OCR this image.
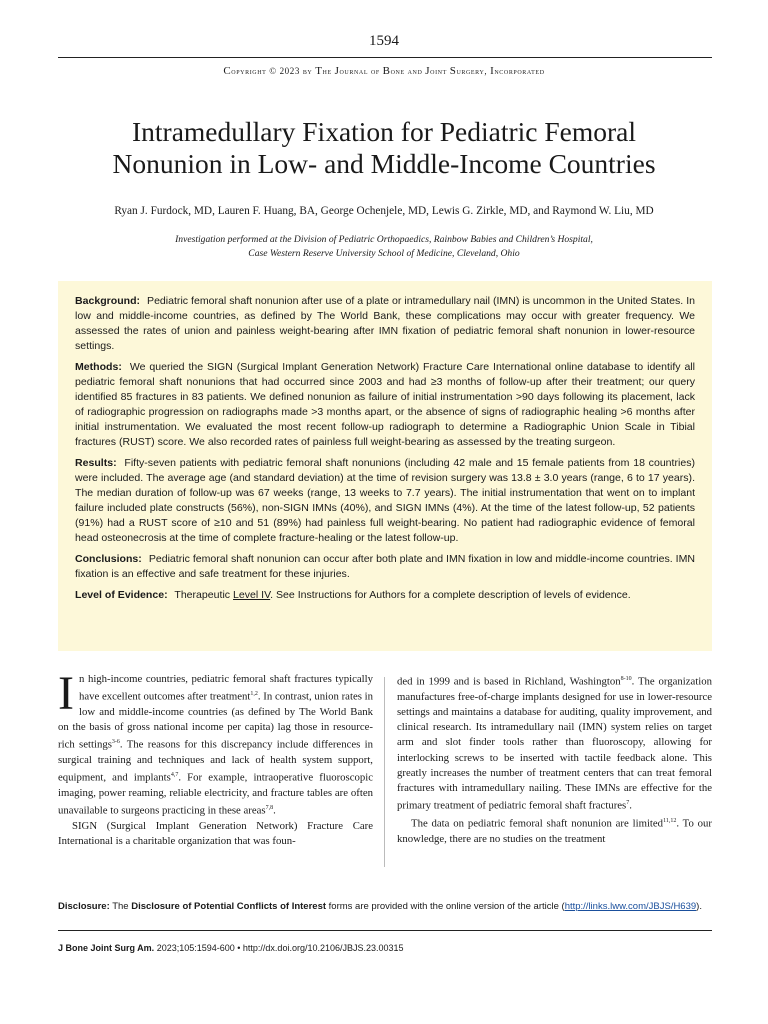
1594
Copyright © 2023 by The Journal of Bone and Joint Surgery, Incorporated
Intramedullary Fixation for Pediatric Femoral
Nonunion in Low- and Middle-Income Countries
Ryan J. Furdock, MD, Lauren F. Huang, BA, George Ochenjele, MD, Lewis G. Zirkle, MD, and Raymond W. Liu, MD
Investigation performed at the Division of Pediatric Orthopaedics, Rainbow Babies and Children’s Hospital,
Case Western Reserve University School of Medicine, Cleveland, Ohio

Background: Pediatric femoral shaft nonunion after use of a plate or intramedullary nail (IMN) is uncommon in the United States. In low and middle-income countries, as defined by The World Bank, these complications may occur with greater frequency. We assessed the rates of union and painless weight-bearing after IMN fixation of pediatric femoral shaft nonunion in lower-resource settings.

Methods: We queried the SIGN (Surgical Implant Generation Network) Fracture Care International online database to identify all pediatric femoral shaft nonunions that had occurred since 2003 and had ≥3 months of follow-up after their treatment; our query identified 85 fractures in 83 patients. We defined nonunion as failure of initial instrumentation >90 days following its placement, lack of radiographic progression on radiographs made >3 months apart, or the absence of signs of radiographic healing >6 months after initial instrumentation. We evaluated the most recent follow-up radiograph to determine a Radiographic Union Scale in Tibial fractures (RUST) score. We also recorded rates of painless full weight-bearing as assessed by the treating surgeon.

Results: Fifty-seven patients with pediatric femoral shaft nonunions (including 42 male and 15 female patients from 18 countries) were included. The average age (and standard deviation) at the time of revision surgery was 13.8 ± 3.0 years (range, 6 to 17 years). The median duration of follow-up was 67 weeks (range, 13 weeks to 7.7 years). The initial instrumentation that went on to implant failure included plate constructs (56%), non-SIGN IMNs (40%), and SIGN IMNs (4%). At the time of the latest follow-up, 52 patients (91%) had a RUST score of ≥10 and 51 (89%) had painless full weight-bearing. No patient had radiographic evidence of femoral head osteonecrosis at the time of complete fracture-healing or the latest follow-up.

Conclusions: Pediatric femoral shaft nonunion can occur after both plate and IMN fixation in low and middle-income countries. IMN fixation is an effective and safe treatment for these injuries.

Level of Evidence: Therapeutic Level IV. See Instructions for Authors for a complete description of levels of evidence.

In high-income countries, pediatric femoral shaft fractures typically have excellent outcomes after treatment$^{1,2}$. In contrast, union rates in low and middle-income countries (as defined by The World Bank on the basis of gross national income per capita) lag those in resource-rich settings$^{3-6}$. The reasons for this discrepancy include differences in surgical training and techniques and lack of health system support, equipment, and implants$^{4,7}$. For example, intraoperative fluoroscopic imaging, power reaming, reliable electricity, and fracture tables are often unavailable to surgeons practicing in these areas$^{7,8}$.

SIGN (Surgical Implant Generation Network) Fracture Care International is a charitable organization that was foun-

ded in 1999 and is based in Richland, Washington$^{8-10}$. The organization manufactures free-of-charge implants designed for use in lower-resource settings and maintains a database for auditing, quality improvement, and clinical research. Its intramedullary nail (IMN) system relies on target arm and slot finder tools rather than fluoroscopy, allowing for interlocking screws to be inserted with tactile feedback alone. This greatly increases the number of treatment centers that can treat femoral fractures with intramedullary nailing. These IMNs are effective for the primary treatment of pediatric femoral shaft fractures$^7$.

The data on pediatric femoral shaft nonunion are limited$^{11,12}$. To our knowledge, there are no studies on the treatment

Disclosure: The Disclosure of Potential Conflicts of Interest forms are provided with the online version of the article (http://links.lww.com/JBJS/H639).
J Bone Joint Surg Am. 2023;105:1594-600 • http://dx.doi.org/10.2106/JBJS.23.00315
